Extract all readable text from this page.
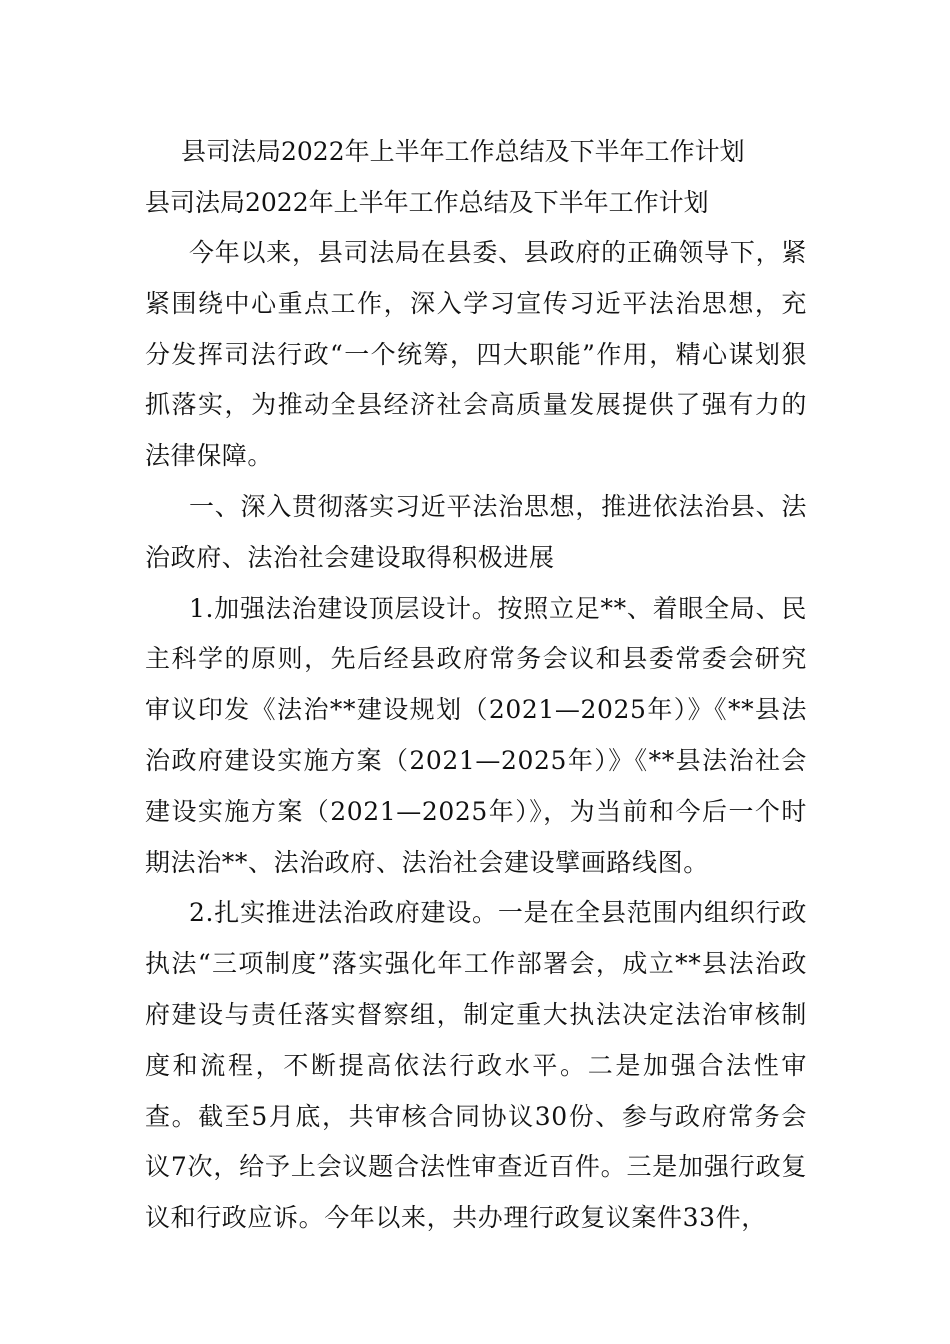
县司法局2022年上半年工作总结及下半年工作计划
县司法局2022年上半年工作总结及下半年工作计划

今年以来，县司法局在县委、县政府的正确领导下，紧紧围绕中心重点工作，深入学习宣传习近平法治思想，充分发挥司法行政“一个统筹，四大职能”作用，精心谋划狠抓落实，为推动全县经济社会高质量发展提供了强有力的法律保障。

一、深入贯彻落实习近平法治思想，推进依法治县、法治政府、法治社会建设取得积极进展

1.加强法治建设顶层设计。按照立足**、着眼全局、民主科学的原则，先后经县政府常务会议和县委常委会研究审议印发《法治**建设规划（2021—2025年）》《**县法治政府建设实施方案（2021—2025年）》《**县法治社会建设实施方案（2021—2025年）》，为当前和今后一个时期法治**、法治政府、法治社会建设擘画路线图。

2.扎实推进法治政府建设。一是在全县范围内组织行政执法“三项制度”落实强化年工作部署会，成立**县法治政府建设与责任落实督察组，制定重大执法决定法治审核制度和流程，不断提高依法行政水平。二是加强合法性审查。截至5月底，共审核合同协议30份、参与政府常务会议7次，给予上会议题合法性审查近百件。三是加强行政复议和行政应诉。今年以来，共办理行政复议案件33件，
